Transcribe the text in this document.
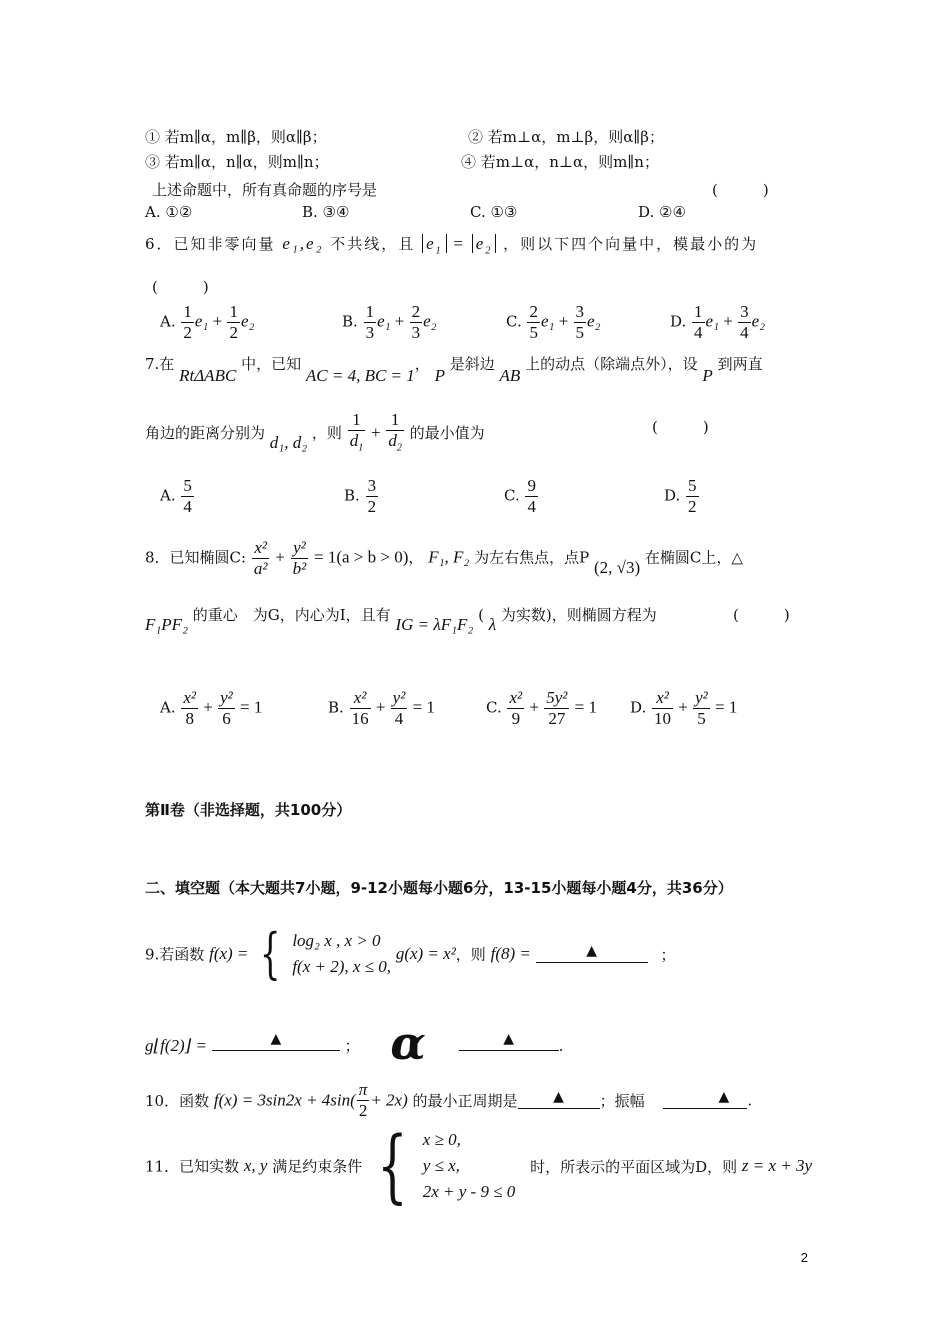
① 若m∥α，m∥β，则α∥β；	② 若m⊥α，m⊥β，则α∥β；
③ 若m∥α，n∥α，则m∥n；	④ 若m⊥α，n⊥α，则m∥n；
上述命题中，所有真命题的序号是	(　　　)
A. ①②	B. ③④	C. ①③	D. ②④
6．已知非零向量 e₁,e₂ 不共线，且 $e_1 = e_2$ ，则以下四个向量中，模最小的为
(　　　)
A. $\frac{1}{2} e_1 + \frac{1}{2} e_2$	B. $\frac{1}{3} e_1 + \frac{2}{3} e_2$	C. $\frac{2}{5} e_1 + \frac{3}{5} e_2$	D. $\frac{1}{4} e_1 + \frac{3}{4} e_2$
7.在 RtΔABC 中，已知 AC = 4, BC = 1， P 是斜边 AB 上的动点（除端点外），设 P 到两直
角边的距离分别为 d₁, d₂ ，则 $\frac{1}{d_1} + \frac{1}{d_2}$ 的最小值为	(　　　)
A. $\frac{5}{4}$	B. $\frac{3}{2}$	C. $\frac{9}{4}$	D. $\frac{5}{2}$
8．已知椭圆C: $\frac{\text{x²}}{\text{a²}} + \frac{\text{y²}}{\text{b²}} = 1(a > b > 0)$， F₁, F₂ 为左右焦点，点P (2, √3) 在椭圆C上，△
F₁PF₂ 的重心　为G，内心为I，且有 IG = λF₁F₂ ( λ 为实数)，则椭圆方程为	(　　　)
A. $\frac{\text{x²}}{8} + \frac{\text{y²}}{6} = 1$	B. $\frac{\text{x²}}{16} + \frac{\text{y²}}{4} = 1$	C. $\frac{\text{x²}}{9} + \frac{\text{5y²}}{27} = 1$ D. $\frac{\text{x²}}{10} + \frac{\text{y²}}{5} = 1$
第Ⅱ卷（非选择题，共100分）
二、填空题（本大题共7小题，9-12小题每小题6分，13-15小题每小题4分，共36分）
9.若函数 f(x) = { log₂ x , x > 0
f(x + 2), x ≤ 0,
g(x) = x²，则 f(8) =	▲	；
g⌊f(2)⌋ =	▲	； α	▲	.
10．函数 $f(x) = 3\sin 2x + 4\sin( \frac{\pi}{2} + 2x)$ 的最小正周期是	▲ ；振幅	▲ .
11．已知实数 x, y 满足约束条件 { x ≥ 0,
y ≤ x,
2x + y - 9 ≤ 0
时，所表示的平面区域为D，则 z = x + 3y
2
